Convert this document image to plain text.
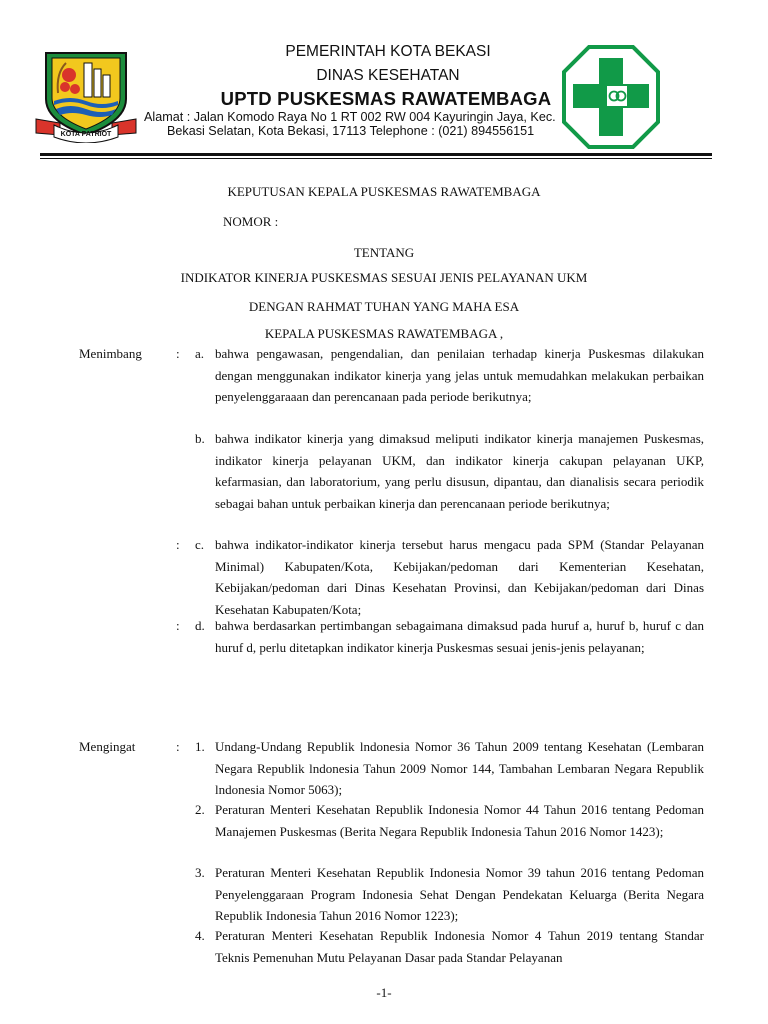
KOTA PATRIOT
PEMERINTAH KOTA BEKASI
DINAS KESEHATAN
UPTD PUSKESMAS RAWATEMBAGA
Alamat : Jalan Komodo Raya No 1 RT 002 RW 004 Kayuringin Jaya, Kec.
Bekasi Selatan, Kota Bekasi, 17113 Telephone : (021) 894556151
KEPUTUSAN KEPALA PUSKESMAS RAWATEMBAGA
NOMOR :
TENTANG
INDIKATOR KINERJA PUSKESMAS SESUAI JENIS PELAYANAN UKM
DENGAN RAHMAT TUHAN YANG MAHA ESA
KEPALA PUSKESMAS RAWATEMBAGA ,
Menimbang	: a. bahwa pengawasan, pengendalian, dan penilaian terhadap kinerja Puskesmas dilakukan dengan menggunakan indikator kinerja yang jelas untuk memudahkan melakukan perbaikan penyelenggaraaan dan perencanaan pada periode berikutnya;

b. bahwa indikator kinerja yang dimaksud meliputi indikator kinerja manajemen Puskesmas, indikator kinerja pelayanan UKM, dan indikator kinerja cakupan pelayanan UKP, kefarmasian, dan laboratorium, yang perlu disusun, dipantau, dan dianalisis secara periodik sebagai bahan untuk perbaikan kinerja dan perencanaan periode berikutnya;

: c. bahwa indikator-indikator kinerja tersebut harus mengacu pada SPM (Standar Pelayanan Minimal) Kabupaten/Kota, Kebijakan/pedoman dari Kementerian Kesehatan, Kebijakan/pedoman dari Dinas Kesehatan Provinsi, dan Kebijakan/pedoman dari Dinas Kesehatan Kabupaten/Kota;

: d. bahwa berdasarkan pertimbangan sebagaimana dimaksud pada huruf a, huruf b, huruf c dan huruf d, perlu ditetapkan indikator kinerja Puskesmas sesuai jenis-jenis pelayanan;

Mengingat	: 1. Undang-Undang Republik lndonesia Nomor 36 Tahun 2009 tentang Kesehatan (Lembaran Negara Republik lndonesia Tahun 2009 Nomor 144, Tambahan Lembaran Negara Republik lndonesia Nomor 5063);

2. Peraturan Menteri Kesehatan Republik Indonesia Nomor 44 Tahun 2016 tentang Pedoman Manajemen Puskesmas (Berita Negara Republik Indonesia Tahun 2016 Nomor 1423);

3. Peraturan Menteri Kesehatan Republik Indonesia Nomor 39 tahun 2016 tentang Pedoman Penyelenggaraan Program Indonesia Sehat Dengan Pendekatan Keluarga (Berita Negara Republik Indonesia Tahun 2016 Nomor 1223);

4. Peraturan Menteri Kesehatan Republik Indonesia Nomor 4 Tahun 2019 tentang Standar Teknis Pemenuhan Mutu Pelayanan Dasar pada Standar Pelayanan

-1-
